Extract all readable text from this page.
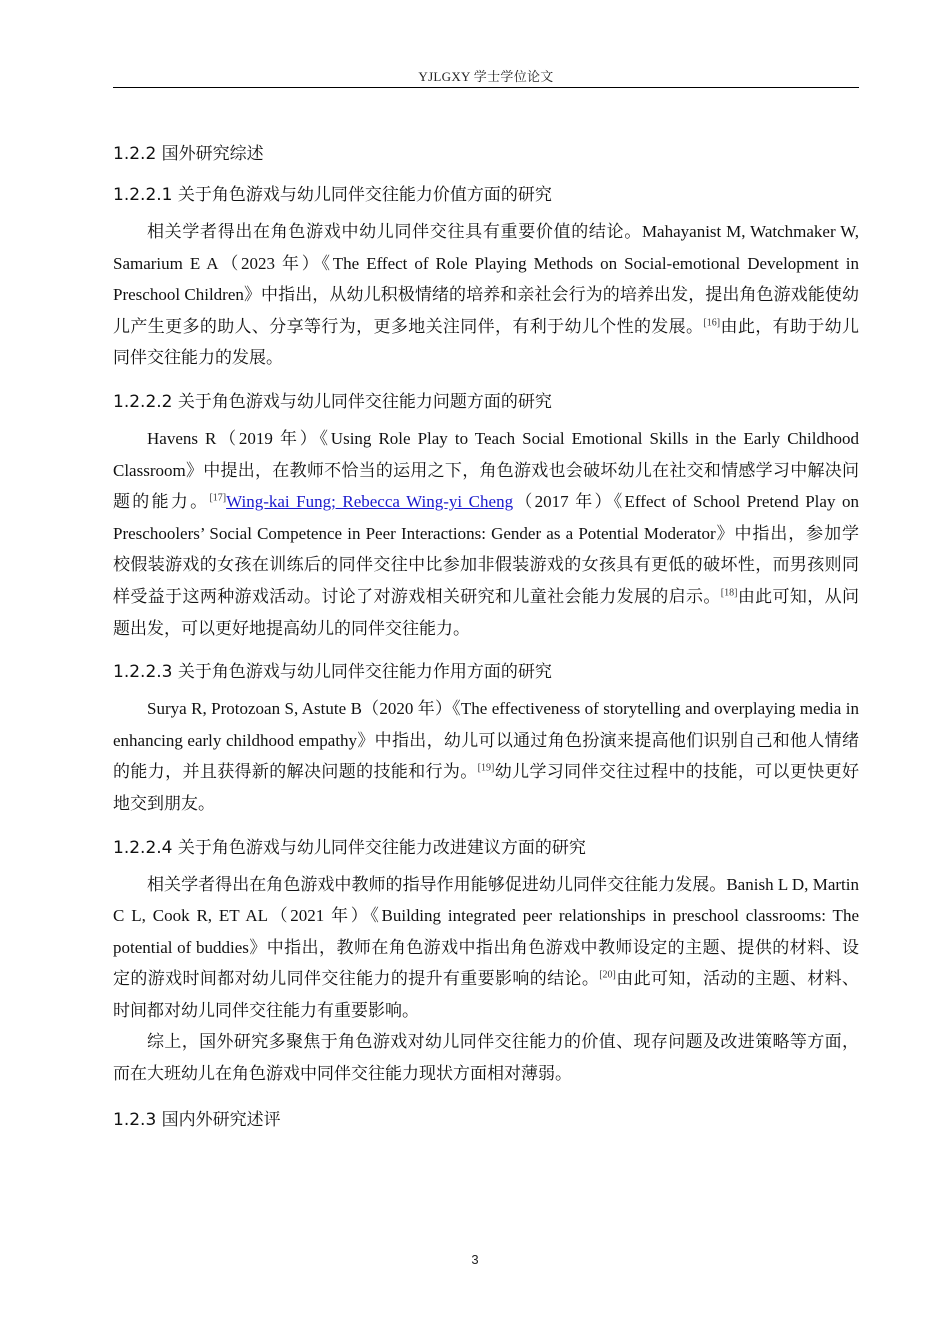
YJLGXY 学士学位论文
1.2.2 国外研究综述
1.2.2.1 关于角色游戏与幼儿同伴交往能力价值方面的研究

相关学者得出在角色游戏中幼儿同伴交往具有重要价值的结论。Mahayanist M, Watchmaker W, Samarium E A（2023 年）《The Effect of Role Playing Methods on Social-emotional Development in Preschool Children》中指出，从幼儿积极情绪的培养和亲社会行为的培养出发，提出角色游戏能使幼儿产生更多的助人、分享等行为，更多地关注同伴，有利于幼儿个性的发展。[16]由此，有助于幼儿同伴交往能力的发展。

1.2.2.2 关于角色游戏与幼儿同伴交往能力问题方面的研究

Havens R（2019 年）《Using Role Play to Teach Social Emotional Skills in the Early Childhood Classroom》中提出，在教师不恰当的运用之下，角色游戏也会破坏幼儿在社交和情感学习中解决问题的能力。[17]Wing-kai Fung; Rebecca Wing-yi Cheng（2017 年）《Effect of School Pretend Play on Preschoolers’ Social Competence in Peer Interactions: Gender as a Potential Moderator》中指出，参加学校假装游戏的女孩在训练后的同伴交往中比参加非假装游戏的女孩具有更低的破坏性，而男孩则同样受益于这两种游戏活动。讨论了对游戏相关研究和儿童社会能力发展的启示。[18]由此可知，从问题出发，可以更好地提高幼儿的同伴交往能力。

1.2.2.3 关于角色游戏与幼儿同伴交往能力作用方面的研究

Surya R, Protozoan S, Astute B（2020 年）《The effectiveness of storytelling and overplaying media in enhancing early childhood empathy》中指出，幼儿可以通过角色扮演来提高他们识别自己和他人情绪的能力，并且获得新的解决问题的技能和行为。[19]幼儿学习同伴交往过程中的技能，可以更快更好地交到朋友。

1.2.2.4 关于角色游戏与幼儿同伴交往能力改进建议方面的研究

相关学者得出在角色游戏中教师的指导作用能够促进幼儿同伴交往能力发展。Banish L D, Martin C L, Cook R, ET AL（2021 年）《Building integrated peer relationships in preschool classrooms: The potential of buddies》中指出，教师在角色游戏中指出角色游戏中教师设定的主题、提供的材料、设定的游戏时间都对幼儿同伴交往能力的提升有重要影响的结论。[20]由此可知，活动的主题、材料、时间都对幼儿同伴交往能力有重要影响。

综上，国外研究多聚焦于角色游戏对幼儿同伴交往能力的价值、现存问题及改进策略等方面，而在大班幼儿在角色游戏中同伴交往能力现状方面相对薄弱。

1.2.3 国内外研究述评
3
